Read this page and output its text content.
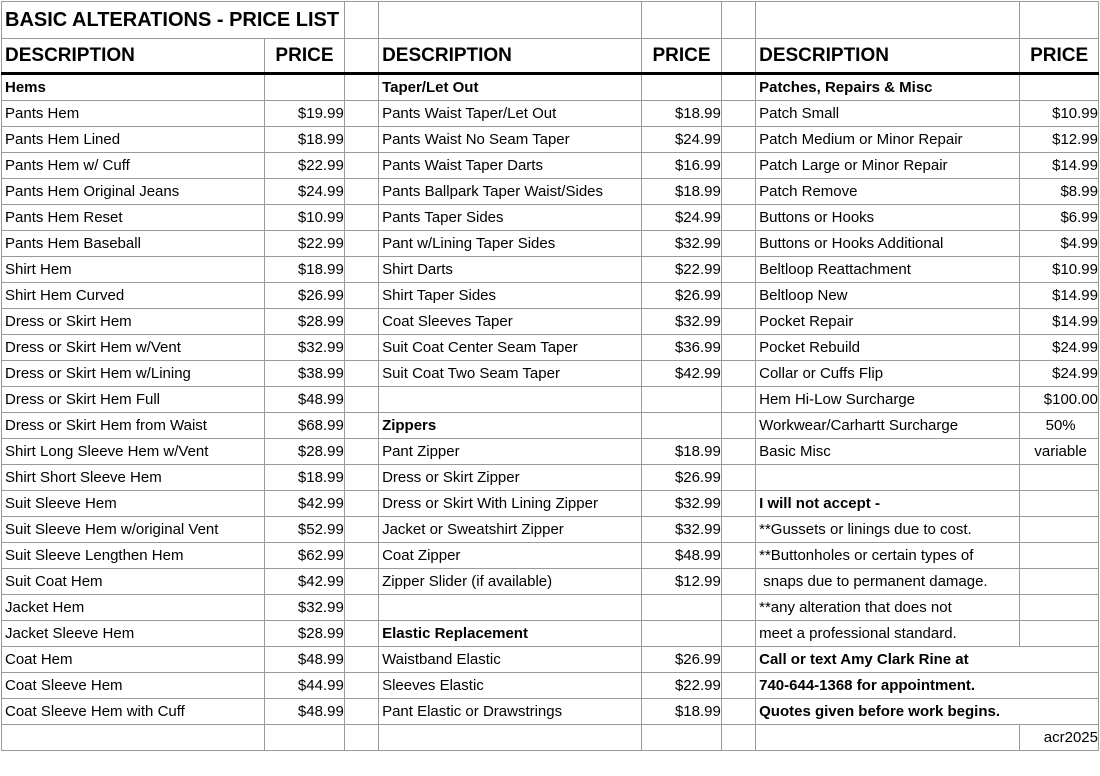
BASIC ALTERATIONS - PRICE LIST							
DESCRIPTION	PRICE		DESCRIPTION	PRICE		DESCRIPTION	PRICE
Hems			Taper/Let Out			Patches, Repairs & Misc	
Pants Hem	$19.99		Pants Waist Taper/Let Out	$18.99		Patch Small	$10.99
Pants Hem Lined	$18.99		Pants Waist No Seam Taper	$24.99		Patch Medium or Minor Repair	$12.99
Pants Hem w/ Cuff	$22.99		Pants Waist Taper Darts	$16.99		Patch Large or Minor Repair	$14.99
Pants Hem Original Jeans	$24.99		Pants Ballpark Taper Waist/Sides	$18.99		Patch Remove	$8.99
Pants Hem Reset	$10.99		Pants Taper Sides	$24.99		Buttons or Hooks	$6.99
Pants Hem Baseball	$22.99		Pant w/Lining Taper Sides	$32.99		Buttons or Hooks Additional	$4.99
Shirt Hem	$18.99		Shirt Darts	$22.99		Beltloop Reattachment	$10.99
Shirt Hem Curved	$26.99		Shirt Taper Sides	$26.99		Beltloop New	$14.99
Dress or Skirt Hem	$28.99		Coat Sleeves Taper	$32.99		Pocket Repair	$14.99
Dress or Skirt Hem w/Vent	$32.99		Suit Coat Center Seam Taper	$36.99		Pocket Rebuild	$24.99
Dress or Skirt Hem w/Lining	$38.99		Suit Coat Two Seam Taper	$42.99		Collar or Cuffs Flip	$24.99
Dress or Skirt Hem Full	$48.99					Hem Hi-Low Surcharge	$100.00
Dress or Skirt Hem from Waist	$68.99		Zippers			Workwear/Carhartt Surcharge	50%
Shirt Long Sleeve Hem w/Vent	$28.99		Pant Zipper	$18.99		Basic Misc	variable
Shirt Short Sleeve Hem	$18.99		Dress or Skirt Zipper	$26.99			
Suit Sleeve Hem	$42.99		Dress or Skirt With Lining Zipper	$32.99		I will not accept -	
Suit Sleeve Hem w/original Vent	$52.99		Jacket or Sweatshirt Zipper	$32.99		**Gussets or linings due to cost.	
Suit Sleeve Lengthen Hem	$62.99		Coat Zipper	$48.99		**Buttonholes or certain types of	
Suit Coat Hem	$42.99		Zipper Slider (if available)	$12.99		snaps due to permanent damage.	
Jacket Hem	$32.99					**any alteration that does not	
Jacket Sleeve Hem	$28.99		Elastic Replacement			meet a professional standard.	
Coat Hem	$48.99		Waistband Elastic	$26.99		Call or text Amy Clark Rine at	
Coat Sleeve Hem	$44.99		Sleeves Elastic	$22.99		740-644-1368 for appointment.	
Coat Sleeve Hem with Cuff	$48.99		Pant Elastic or Drawstrings	$18.99		Quotes given before work begins.	
							acr2025
